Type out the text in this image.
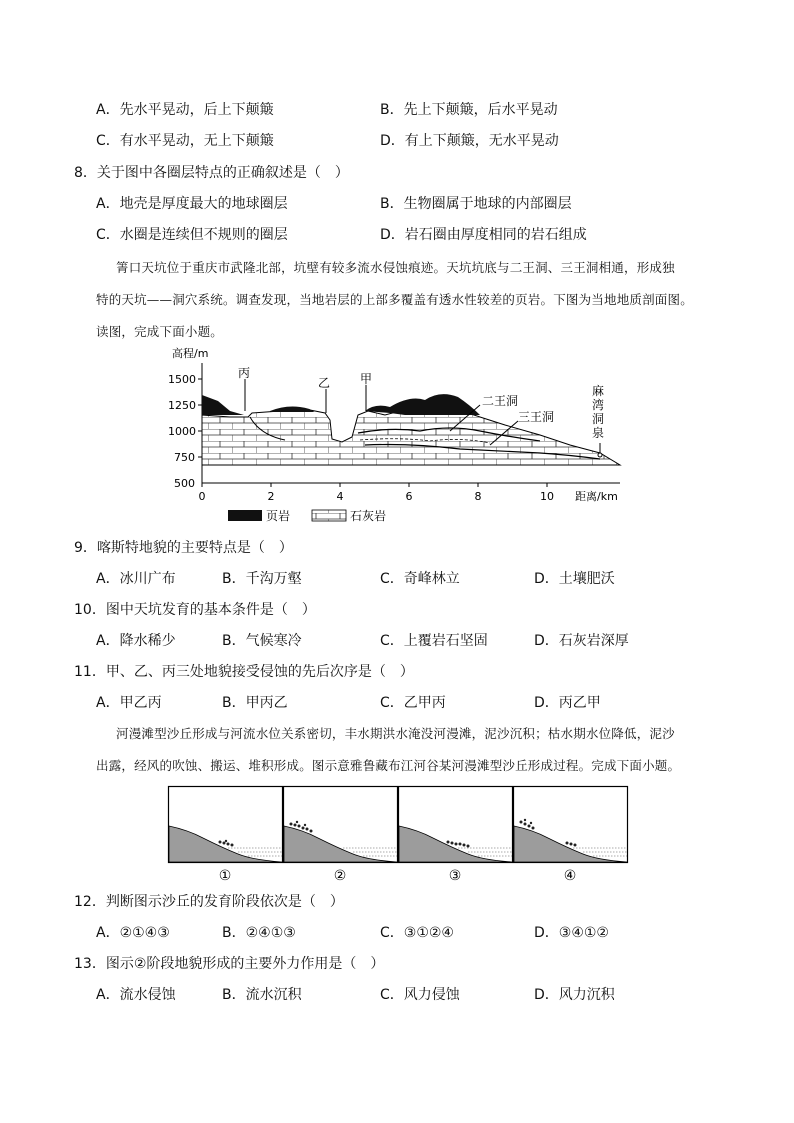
A．先水平晃动，后上下颠簸	B．先上下颠簸，后水平晃动
C．有水平晃动，无上下颠簸	D．有上下颠簸，无水平晃动
8．关于图中各圈层特点的正确叙述是（　）
A．地壳是厚度最大的地球圈层	B．生物圈属于地球的内部圈层
C．水圈是连续但不规则的圈层	D．岩石圈由厚度相同的岩石组成
箐口天坑位于重庆市武隆北部，坑壁有较多流水侵蚀痕迹。天坑坑底与二王洞、三王洞相通，形成独
特的天坑——洞穴系统。调查发现，当地岩层的上部多覆盖有透水性较差的页岩。下图为当地地质剖面图。
读图，完成下面小题。
高程/m
1500
1250
1000
750
500
0	2	4	6	8	10 距离/km
丙
乙 甲
二王洞
三王洞
麻
湾
洞
泉
页岩	石灰岩
9．喀斯特地貌的主要特点是（　）
A．冰川广布	B．千沟万壑	C．奇峰林立	D．土壤肥沃
10．图中天坑发育的基本条件是（　）
A．降水稀少	B．气候寒冷	C．上覆岩石坚固	D．石灰岩深厚
11．甲、乙、丙三处地貌接受侵蚀的先后次序是（　）
A．甲乙丙	B．甲丙乙	C．乙甲丙	D．丙乙甲
河漫滩型沙丘形成与河流水位关系密切，丰水期洪水淹没河漫滩，泥沙沉积；枯水期水位降低，泥沙
出露，经风的吹蚀、搬运、堆积形成。图示意雅鲁藏布江河谷某河漫滩型沙丘形成过程。完成下面小题。
①	②	③	④
12．判断图示沙丘的发育阶段依次是（　）
A．②①④③	B．②④①③	C．③①②④	D．③④①②
13．图示②阶段地貌形成的主要外力作用是（　）
A．流水侵蚀	B．流水沉积	C．风力侵蚀	D．风力沉积
